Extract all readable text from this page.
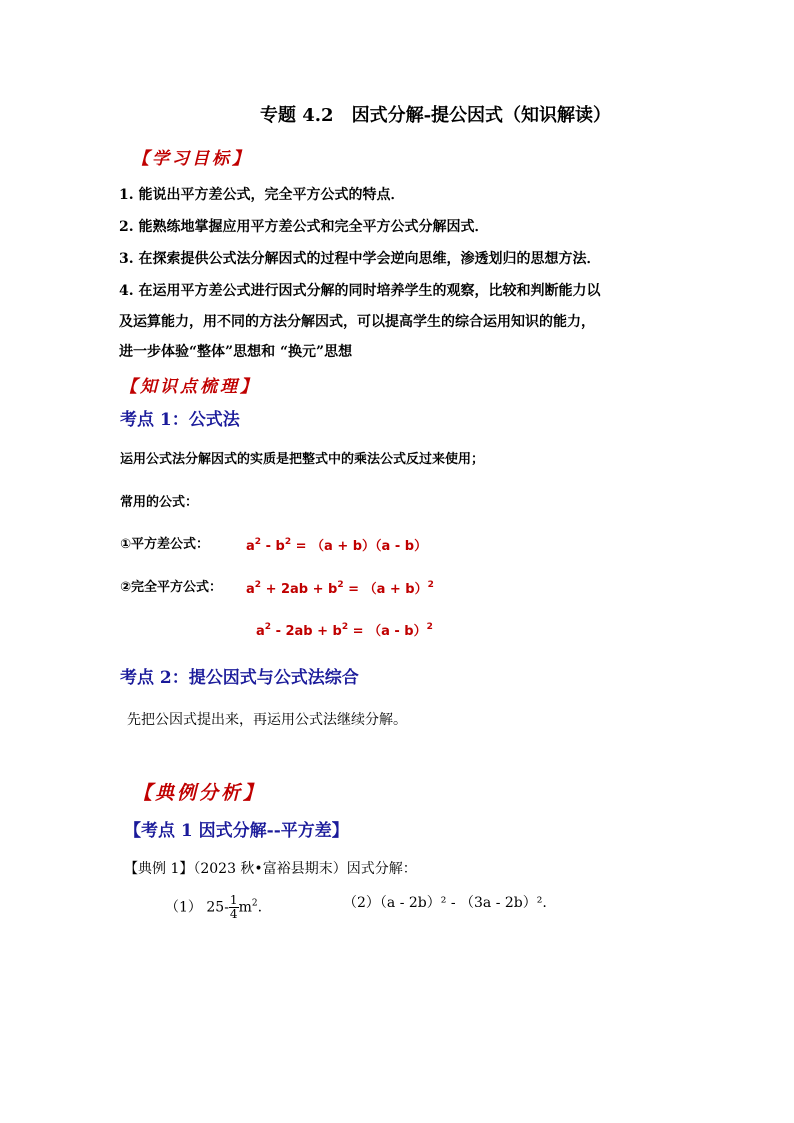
专题 4.2　因式分解-提公因式（知识解读）
【学习目标】
1. 能说出平方差公式，完全平方公式的特点．
2. 能熟练地掌握应用平方差公式和完全平方公式分解因式．
3. 在探索提供公式法分解因式的过程中学会逆向思维，渗透划归的思想方法．
4. 在运用平方差公式进行因式分解的同时培养学生的观察，比较和判断能力以
及运算能力，用不同的方法分解因式，可以提高学生的综合运用知识的能力，
进一步体验“整体”思想和 “换元”思想
【知识点梳理】
考点 1：公式法
运用公式法分解因式的实质是把整式中的乘法公式反过来使用；
常用的公式：
①平方差公式：	$a^2 - b^2 = (a + b)(a - b)$
②完全平方公式： $a^2 + 2ab + b^2 = (a + b)^2$
$a^2 - 2ab + b^2 = (a - b)^2$
考点 2：提公因式与公式法综合
先把公因式提出来，再运用公式法继续分解。
【典例分析】
【考点 1 因式分解--平方差】
【典例 1】（2023 秋•富裕县期末）因式分解：
（1） $25- \frac{1}{4} m^2$.	（2）（a - 2b）² - （3a - 2b）².
